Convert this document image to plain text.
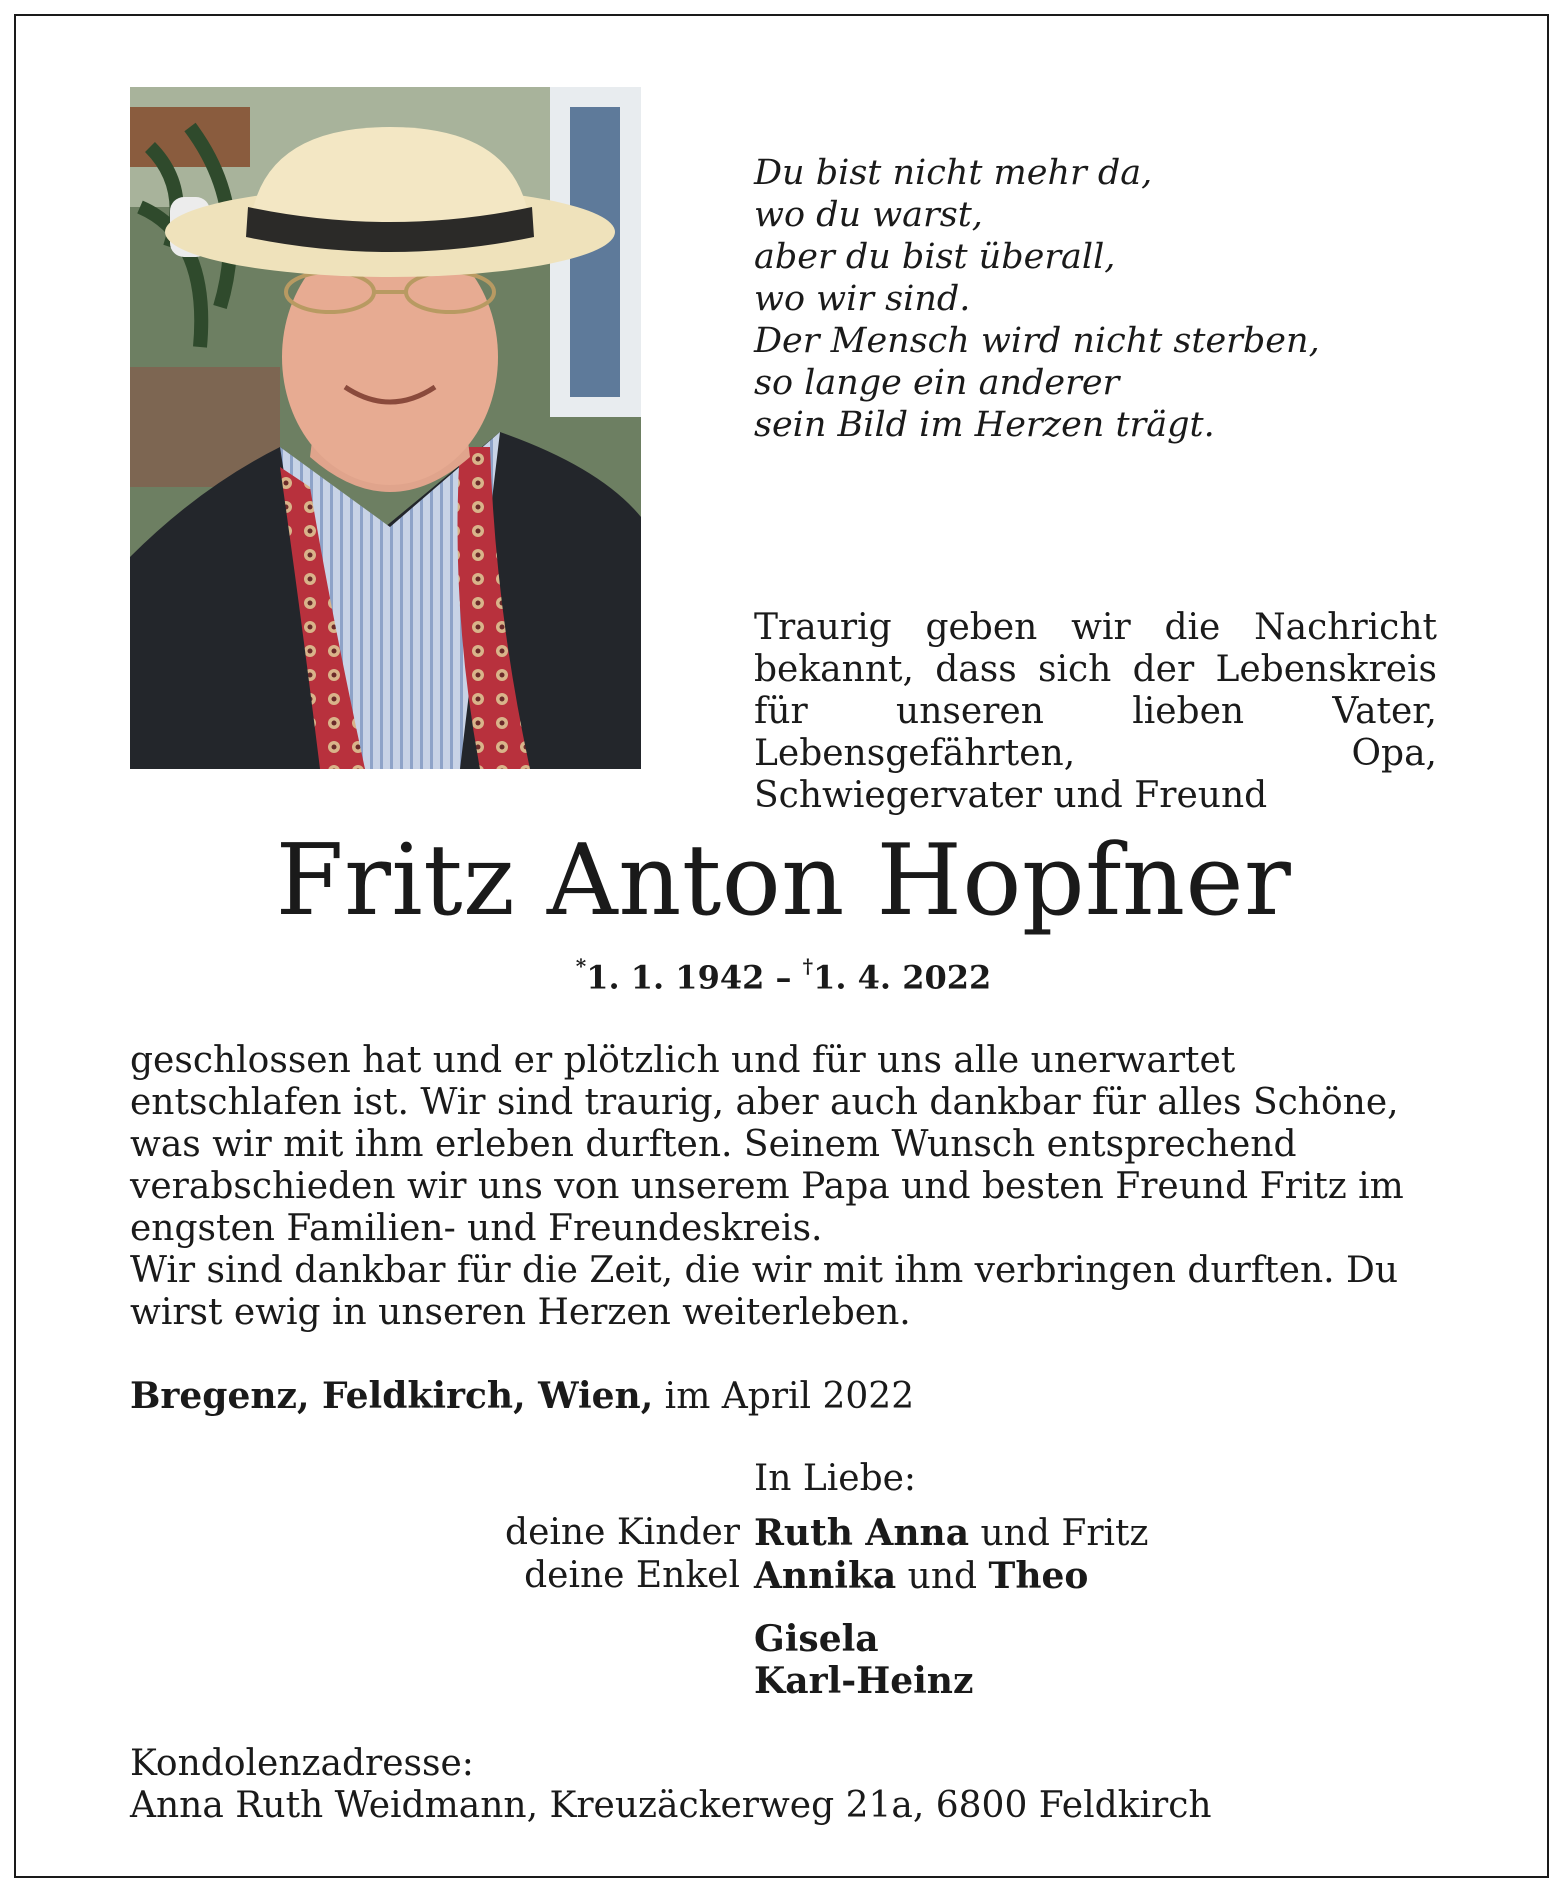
Du bist nicht mehr da,
wo du warst,
aber du bist überall,
wo wir sind.
Der Mensch wird nicht sterben,
so lange ein anderer
sein Bild im Herzen trägt.
Traurig geben wir die Nachricht bekannt, dass sich der Lebenskreis für unseren lieben Vater, Lebensgefährten, Opa, Schwiegervater und Freund
Fritz Anton Hopfner
*1. 1. 1942 – †1. 4. 2022
geschlossen hat und er plötzlich und für uns alle unerwartet entschlafen ist. Wir sind traurig, aber auch dankbar für alles Schöne, was wir mit ihm erleben durften. Seinem Wunsch entsprechend verabschieden wir uns von unserem Papa und besten Freund Fritz im engsten Familien- und Freundeskreis.
Wir sind dankbar für die Zeit, die wir mit ihm verbringen durften. Du wirst ewig in unseren Herzen weiterleben.
Bregenz, Feldkirch, Wien, im April 2022
In Liebe:
deine Kinder Ruth Anna und Fritz
deine Enkel Annika und Theo
Gisela
Karl-Heinz
Kondolenzadresse:
Anna Ruth Weidmann, Kreuzäckerweg 21a, 6800 Feldkirch
